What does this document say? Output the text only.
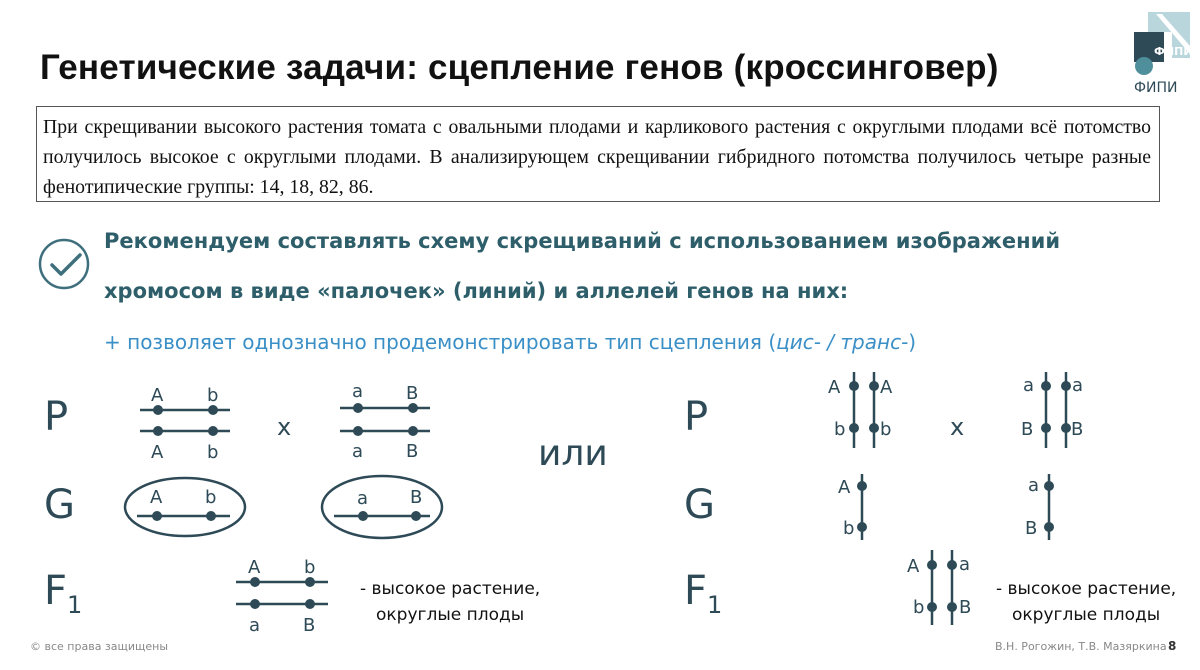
ФИПИ
ФИПИ
Генетические задачи: сцепление генов (кроссинговер)
При скрещивании высокого растения томата с овальными плодами и карликового растения с округлыми плодами всё потомство получилось высокое с округлыми плодами. В анализирующем скрещивании гибридного потомства получилось четыре разные фенотипические группы: 14, 18, 82, 86.
Рекомендуем составлять схему скрещиваний с использованием изображений
хромосом в виде «палочек» (линий) и аллелей генов на них:
+ позволяет однозначно продемонстрировать тип сцепления (цис- / транс-)
P
G
$F_1$
x
или
P
G
$F_1$
x
- высокое растение,
округлые плоды
- высокое растение,
округлые плоды
A b
A b
a B
a B
A b	a B
A b
a B
A A
b b
a a
B B
A
b
a
B
A
b
a
B
© все права защищены	В.Н. Рогожин, Т.В. Мазяркина 8
